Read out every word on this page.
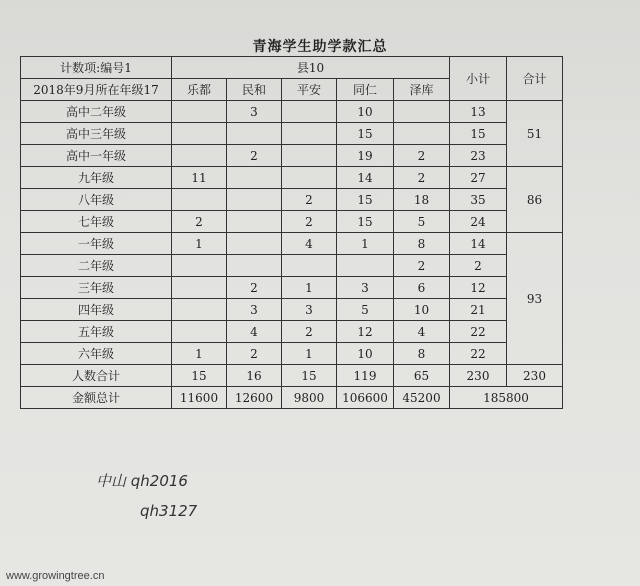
青海学生助学款汇总
计数项:编号1	县10					小计	合计
2018年9月所在年级17	乐都	民和	平安	同仁	泽库		
高中二年级		3		10		13	51
高中三年级				15		15	
高中一年级		2		19	2	23	
九年级	11			14	2	27	86
八年级			2	15	18	35	
七年级	2		2	15	5	24	
一年级	1		4	1	8	14	93
二年级					2	2	
三年级		2	1	3	6	12	
四年级		3	3	5	10	21	
五年级		4	2	12	4	22	
六年级	1	2	1	10	8	22	
人数合计	15	16	15	119	65	230	230
金额总计	11600	12600	9800	106600	45200	185800	
中山 qh2016
qh3127
www.growingtree.cn
